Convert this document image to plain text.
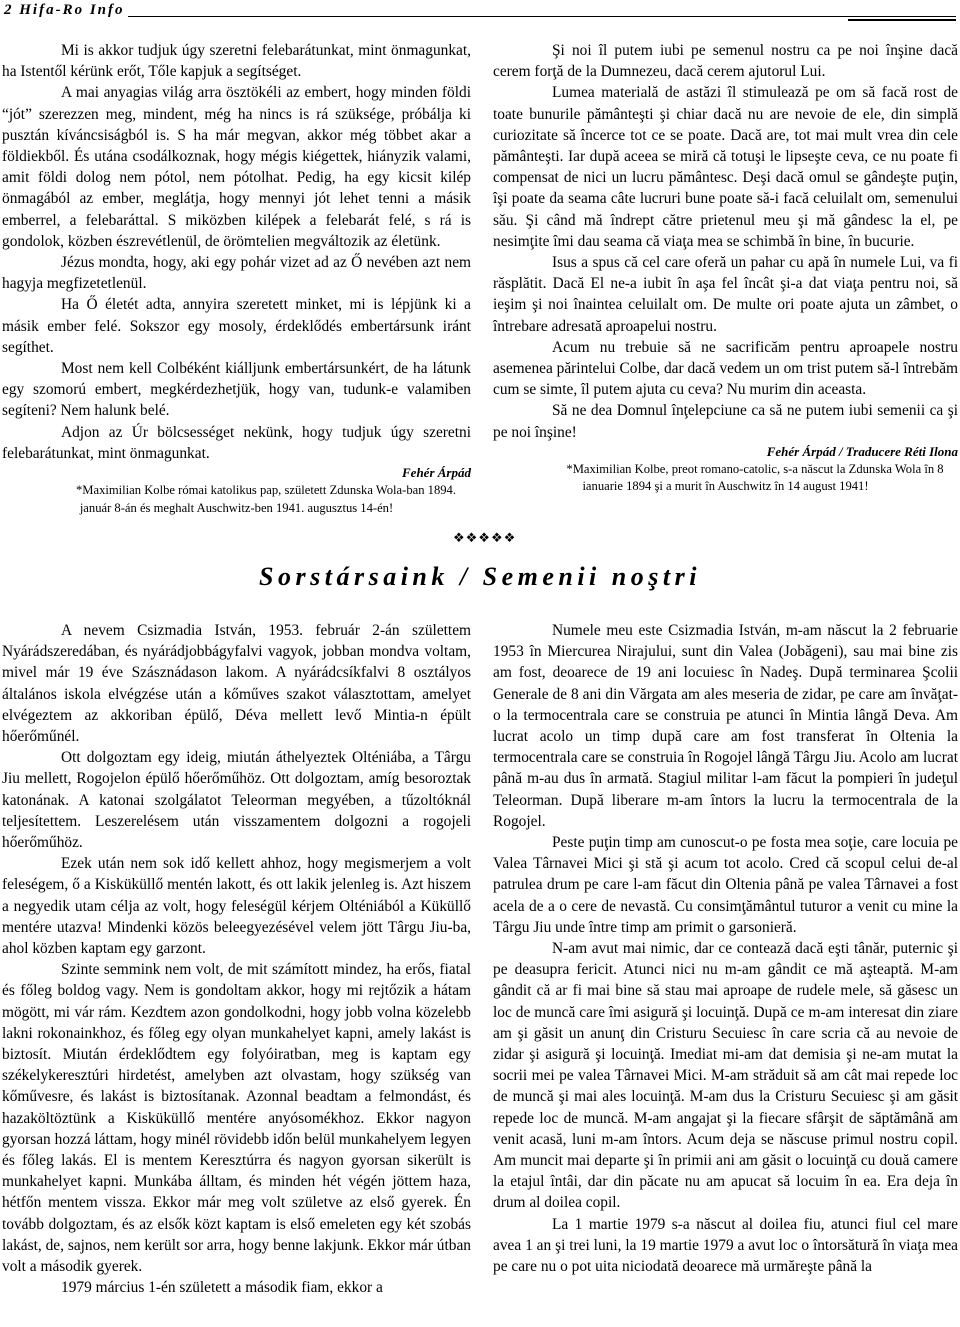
2 Hifa-Ro Info

Mi is akkor tudjuk úgy szeretni felebarátunkat, mint önmagunkat, ha Istentől kérünk erőt, Tőle kapjuk a segítséget.

A mai anyagias világ arra ösztökéli az embert, hogy minden földi “jót” szerezzen meg, mindent, még ha nincs is rá szüksége, próbálja ki pusztán kíváncsiságból is. S ha már megvan, akkor még többet akar a földiekből. És utána csodálkoznak, hogy mégis kiégettek, hiányzik valami, amit földi dolog nem pótol, nem pótolhat. Pedig, ha egy kicsit kilép önmagából az ember, meglátja, hogy mennyi jót lehet tenni a másik emberrel, a felebaráttal. S miközben kilépek a felebarát felé, s rá is gondolok, közben észrevétlenül, de örömtelien megváltozik az életünk.

Jézus mondta, hogy, aki egy pohár vizet ad az Ő nevében azt nem hagyja megfizetetlenül.

Ha Ő életét adta, annyira szeretett minket, mi is lépjünk ki a másik ember felé. Sokszor egy mosoly, érdeklődés embertársunk iránt segíthet.

Most nem kell Colbéként kiálljunk embertársunkért, de ha látunk egy szomorú embert, megkérdezhetjük, hogy van, tudunk-e valamiben segíteni? Nem halunk belé.

Adjon az Úr bölcsességet nekünk, hogy tudjuk úgy szeretni felebarátunkat, mint önmagunkat.

Fehér Árpád

*Maximilian Kolbe római katolikus pap, született Zdunska Wola-ban 1894. január 8-án és meghalt Auschwitz-ben 1941. augusztus 14-én!

Şi noi îl putem iubi pe semenul nostru ca pe noi înşine dacă cerem forţă de la Dumnezeu, dacă cerem ajutorul Lui.

Lumea materială de astăzi îl stimulează pe om să facă rost de toate bunurile pământeşti şi chiar dacă nu are nevoie de ele, din simplă curiozitate să încerce tot ce se poate. Dacă are, tot mai mult vrea din cele pământeşti. Iar după aceea se miră că totuşi le lipseşte ceva, ce nu poate fi compensat de nici un lucru pământesc. Deşi dacă omul se gândeşte puţin, îşi poate da seama câte lucruri bune poate să-i facă celuilalt om, semenului său. Şi când mă îndrept către prietenul meu şi mă gândesc la el, pe nesimţite îmi dau seama că viaţa mea se schimbă în bine, în bucurie.

Isus a spus că cel care oferă un pahar cu apă în numele Lui, va fi răsplătit. Dacă El ne-a iubit în aşa fel încât şi-a dat viaţa pentru noi, să ieşim şi noi înaintea celuilalt om. De multe ori poate ajuta un zâmbet, o întrebare adresată aproapelui nostru.

Acum nu trebuie să ne sacrificăm pentru aproapele nostru asemenea părintelui Colbe, dar dacă vedem un om trist putem să-l întrebăm cum se simte, îl putem ajuta cu ceva? Nu murim din aceasta.

Să ne dea Domnul înţelepciune ca să ne putem iubi semenii ca şi pe noi înşine!

Fehér Árpád / Traducere Réti Ilona

*Maximilian Kolbe, preot romano-catolic, s-a născut la Zdunska Wola în 8 ianuarie 1894 şi a murit în Auschwitz în 14 august 1941!

❖❖❖❖❖
Sorstársaink / Semenii noştri

A nevem Csizmadia István, 1953. február 2-án születtem Nyárádszeredában, és nyárádjobbágyfalvi vagyok, jobban mondva voltam, mivel már 19 éve Szásznádason lakom. A nyárádcsíkfalvi 8 osztályos általános iskola elvégzése után a kőműves szakot választottam, amelyet elvégeztem az akkoriban épülő, Déva mellett levő Mintia-n épült hőerőműnél.

Ott dolgoztam egy ideig, miután áthelyeztek Olténiába, a Târgu Jiu mellett, Rogojelon épülő hőerőműhöz. Ott dolgoztam, amíg besoroztak katonának. A katonai szolgálatot Teleorman megyében, a tűzoltóknál teljesítettem. Leszerelésem után visszamentem dolgozni a rogojeli hőerőműhöz.

Ezek után nem sok idő kellett ahhoz, hogy megismerjem a volt feleségem, ő a Kisküküllő mentén lakott, és ott lakik jelenleg is. Azt hiszem a negyedik utam célja az volt, hogy feleségül kérjem Olténiából a Küküllő mentére utazva! Mindenki közös beleegyezésével velem jött Târgu Jiu-ba, ahol közben kaptam egy garzont.

Szinte semmink nem volt, de mit számított mindez, ha erős, fiatal és főleg boldog vagy. Nem is gondoltam akkor, hogy mi rejtőzik a hátam mögött, mi vár rám. Kezdtem azon gondolkodni, hogy jobb volna közelebb lakni rokonainkhoz, és főleg egy olyan munkahelyet kapni, amely lakást is biztosít. Miután érdeklődtem egy folyóiratban, meg is kaptam egy székelykeresztúri hirdetést, amelyben azt olvastam, hogy szükség van kőművesre, és lakást is biztosítanak. Azonnal beadtam a felmondást, és hazaköltöztünk a Kisküküllő mentére anyósomékhoz. Ekkor nagyon gyorsan hozzá láttam, hogy minél rövidebb időn belül munkahelyem legyen és főleg lakás. El is mentem Keresztúrra és nagyon gyorsan sikerült is munkahelyet kapni. Munkába álltam, és minden hét végén jöttem haza, hétfőn mentem vissza. Ekkor már meg volt születve az első gyerek. Én tovább dolgoztam, és az elsők közt kaptam is első emeleten egy két szobás lakást, de, sajnos, nem került sor arra, hogy benne lakjunk. Ekkor már útban volt a második gyerek.

1979 március 1-én született a második fiam, ekkor a

Numele meu este Csizmadia István, m-am născut la 2 februarie 1953 în Miercurea Nirajului, sunt din Valea (Jobăgeni), sau mai bine zis am fost, deoarece de 19 ani locuiesc în Nadeş. După terminarea Şcolii Generale de 8 ani din Vărgata am ales meseria de zidar, pe care am învăţat-o la termocentrala care se construia pe atunci în Mintia lângă Deva. Am lucrat acolo un timp după care am fost transferat în Oltenia la termocentrala care se construia în Rogojel lângă Târgu Jiu. Acolo am lucrat până m-au dus în armată. Stagiul militar l-am făcut la pompieri în judeţul Teleorman. După liberare m-am întors la lucru la termocentrala de la Rogojel.

Peste puţin timp am cunoscut-o pe fosta mea soţie, care locuia pe Valea Târnavei Mici şi stă şi acum tot acolo. Cred că scopul celui de-al patrulea drum pe care l-am făcut din Oltenia până pe valea Târnavei a fost acela de a o cere de nevastă. Cu consimţământul tuturor a venit cu mine la Târgu Jiu unde între timp am primit o garsonieră.

N-am avut mai nimic, dar ce contează dacă eşti tânăr, puternic şi pe deasupra fericit. Atunci nici nu m-am gândit ce mă aşteaptă. M-am gândit că ar fi mai bine să stau mai aproape de rudele mele, să găsesc un loc de muncă care îmi asigură şi locuinţă. După ce m-am interesat din ziare am şi găsit un anunţ din Cristuru Secuiesc în care scria că au nevoie de zidar şi asigură şi locuinţă. Imediat mi-am dat demisia şi ne-am mutat la socrii mei pe valea Târnavei Mici. M-am străduit să am cât mai repede loc de muncă şi mai ales locuinţă. M-am dus la Cristuru Secuiesc şi am găsit repede loc de muncă. M-am angajat şi la fiecare sfârşit de săptămână am venit acasă, luni m-am întors. Acum deja se născuse primul nostru copil. Am muncit mai departe şi în primii ani am găsit o locuinţă cu două camere la etajul întâi, dar din păcate nu am apucat să locuim în ea. Era deja în drum al doilea copil.

La 1 martie 1979 s-a născut al doilea fiu, atunci fiul cel mare avea 1 an şi trei luni, la 19 martie 1979 a avut loc o întorsătură în viaţa mea pe care nu o pot uita niciodată deoarece mă urmăreşte până la
